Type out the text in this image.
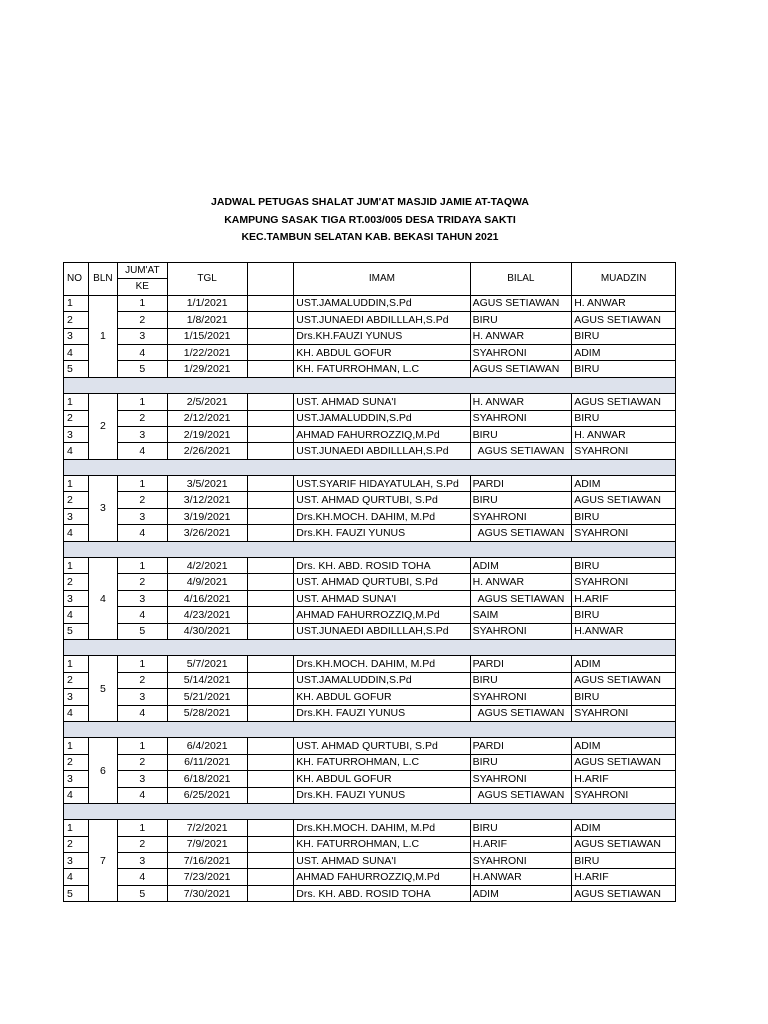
JADWAL PETUGAS SHALAT JUM'AT MASJID JAMIE AT-TAQWA
KAMPUNG SASAK TIGA RT.003/005 DESA TRIDAYA SAKTI
KEC.TAMBUN SELATAN KAB. BEKASI TAHUN 2021
NO	BLN	JUM'AT	TGL		IMAM	BILAL	MUADZIN
		KE					
1	1	1	1/1/2021		UST.JAMALUDDIN,S.Pd	AGUS SETIAWAN	H. ANWAR
2		2	1/8/2021		UST.JUNAEDI ABDILLLAH,S.Pd	BIRU	AGUS SETIAWAN
3		3	1/15/2021		Drs.KH.FAUZI YUNUS	H. ANWAR	BIRU
4		4	1/22/2021		KH. ABDUL GOFUR	SYAHRONI	ADIM
5		5	1/29/2021		KH. FATURROHMAN, L.C	AGUS SETIAWAN	BIRU

1	2	1	2/5/2021		UST. AHMAD SUNA'I	H. ANWAR	AGUS SETIAWAN
2		2	2/12/2021		UST.JAMALUDDIN,S.Pd	SYAHRONI	BIRU
3		3	2/19/2021		AHMAD FAHURROZZIQ,M.Pd	BIRU	H. ANWAR
4		4	2/26/2021		UST.JUNAEDI ABDILLLAH,S.Pd	AGUS SETIAWAN	SYAHRONI

1	3	1	3/5/2021		UST.SYARIF HIDAYATULAH, S.Pd	PARDI	ADIM
2		2	3/12/2021		UST. AHMAD QURTUBI, S.Pd	BIRU	AGUS SETIAWAN
3		3	3/19/2021		Drs.KH.MOCH. DAHIM, M.Pd	SYAHRONI	BIRU
4		4	3/26/2021		Drs.KH. FAUZI YUNUS	AGUS SETIAWAN	SYAHRONI

1	4	1	4/2/2021		Drs. KH. ABD. ROSID TOHA	ADIM	BIRU
2		2	4/9/2021		UST. AHMAD QURTUBI, S.Pd	H. ANWAR	SYAHRONI
3		3	4/16/2021		UST. AHMAD SUNA'I	AGUS SETIAWAN	H.ARIF
4		4	4/23/2021		AHMAD FAHURROZZIQ,M.Pd	SAIM	BIRU
5		5	4/30/2021		UST.JUNAEDI ABDILLLAH,S.Pd	SYAHRONI	H.ANWAR

1	5	1	5/7/2021		Drs.KH.MOCH. DAHIM, M.Pd	PARDI	ADIM
2		2	5/14/2021		UST.JAMALUDDIN,S.Pd	BIRU	AGUS SETIAWAN
3		3	5/21/2021		KH. ABDUL GOFUR	SYAHRONI	BIRU
4		4	5/28/2021		Drs.KH. FAUZI YUNUS	AGUS SETIAWAN	SYAHRONI

1	6	1	6/4/2021		UST. AHMAD QURTUBI, S.Pd	PARDI	ADIM
2		2	6/11/2021		KH. FATURROHMAN, L.C	BIRU	AGUS SETIAWAN
3		3	6/18/2021		KH. ABDUL GOFUR	SYAHRONI	H.ARIF
4		4	6/25/2021		Drs.KH. FAUZI YUNUS	AGUS SETIAWAN	SYAHRONI

1	7	1	7/2/2021		Drs.KH.MOCH. DAHIM, M.Pd	BIRU	ADIM
2		2	7/9/2021		KH. FATURROHMAN, L.C	H.ARIF	AGUS SETIAWAN
3		3	7/16/2021		UST. AHMAD SUNA'I	SYAHRONI	BIRU
4		4	7/23/2021		AHMAD FAHURROZZIQ,M.Pd	H.ANWAR	H.ARIF
5		5	7/30/2021		Drs. KH. ABD. ROSID TOHA	ADIM	AGUS SETIAWAN
